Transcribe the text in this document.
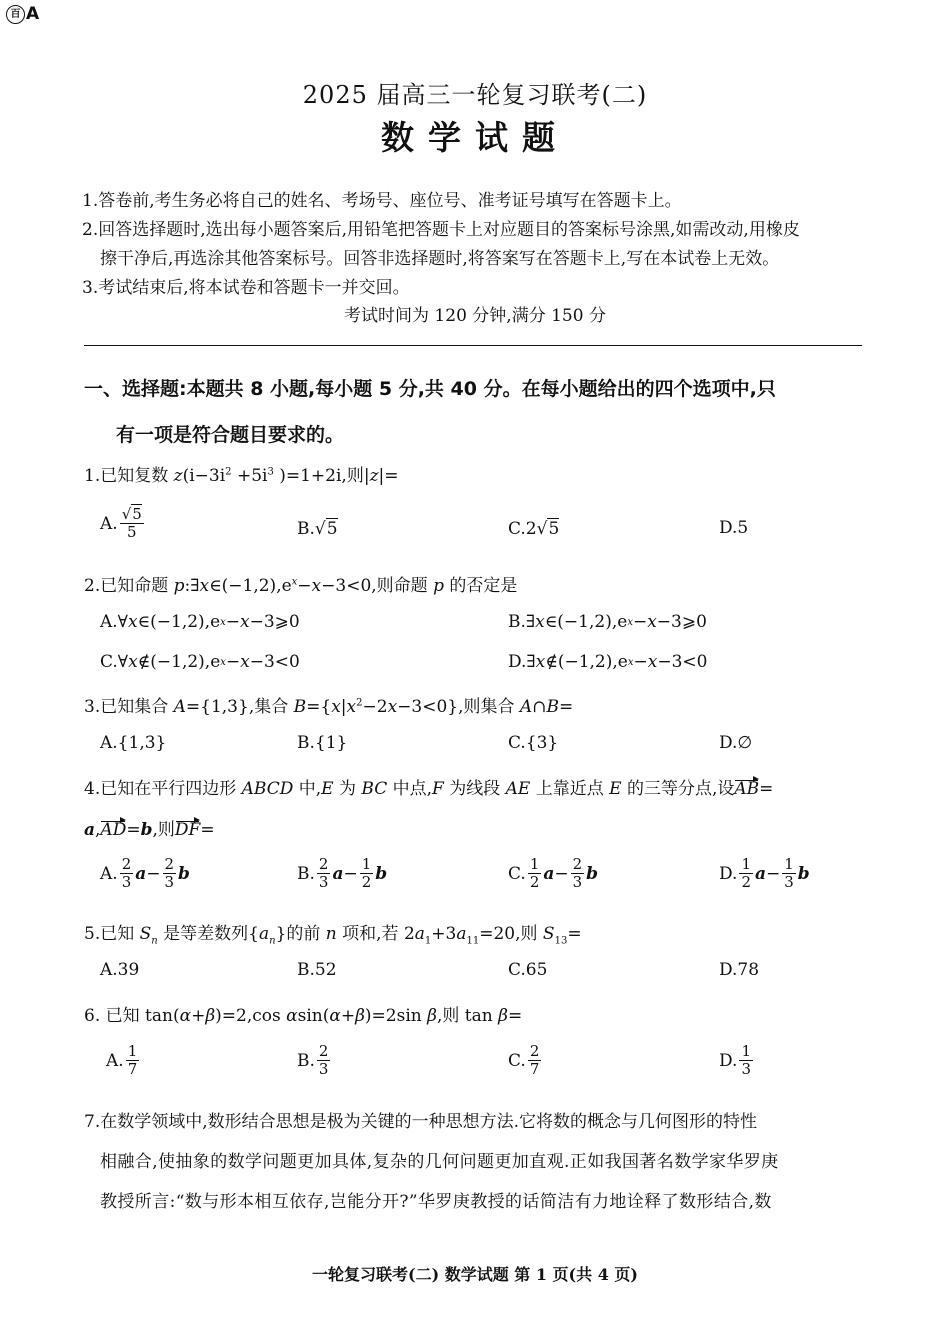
百 A
2025 届高三一轮复习联考(二)
数学试题
1.答卷前,考生务必将自己的姓名、考场号、座位号、准考证号填写在答题卡上。
2.回答选择题时,选出每小题答案后,用铅笔把答题卡上对应题目的答案标号涂黑,如需改动,用橡皮
擦干净后,再选涂其他答案标号。回答非选择题时,将答案写在答题卡上,写在本试卷上无效。
3.考试结束后,将本试卷和答题卡一并交回。
考试时间为 120 分钟,满分 150 分
一、选择题:本题共 8 小题,每小题 5 分,共 40 分。在每小题给出的四个选项中,只
有一项是符合题目要求的。
1.已知复数 $z(i-3i^2 +5i^3$ )=1+2i,则|z|=
A. $\frac{√5}{5}$	B.√ 5	C.2√ 5	D.5
2.已知命题 $p:\exists x\in(-1,2),e^x-x-3<0$,则命题 p 的否定是
A.∀ x ∈(−1,2),e x − x −3⩾0	B.∃ x ∈(−1,2),e x − x −3⩾0
C.∀ x ∉(−1,2),e x − x −3<0	D.∃ x ∉(−1,2),e x − x −3<0
3.已知集合 A={1,3},集合 $B=\{x|x^2-2x-3<0\}$,则集合 A∩B=
A.{1,3}	B.{1}	C.{3}	D.∅
4.已知在平行四边形 ABCD 中,E 为 BC 中点,F 为线段 AE 上靠近点 E 的三等分点,设AB=
a,AD=b,则DF=
A. $\frac{2}{3}$ $a - \frac{2}{3}$ b	B. $\frac{2}{3}$ $a - \frac{1}{2}$ b	C. $\frac{1}{2}$ $a - \frac{2}{3}$ b	D. $\frac{1}{2}$ $a - \frac{1}{3}$ b
5.已知 $S_n$ 是等差数列$\{a_n\}$的前 n 项和,若 $2a_1+3a_{11}=20$,则 $S_{13}=$
A.39	B.52	C.65	D.78
6. 已知 tan(α+β)=2,cos αsin(α+β)=2sin β,则 tan β=
A. $\frac{1}{7}$	B. $\frac{2}{3}$	C. $\frac{2}{7}$	D. $\frac{1}{3}$
7.在数学领域中,数形结合思想是极为关键的一种思想方法.它将数的概念与几何图形的特性
相融合,使抽象的数学问题更加具体,复杂的几何问题更加直观.正如我国著名数学家华罗庚
教授所言:“数与形本相互依存,岂能分开?”华罗庚教授的话简洁有力地诠释了数形结合,数
一轮复习联考(二) 数学试题 第 1 页(共 4 页)
